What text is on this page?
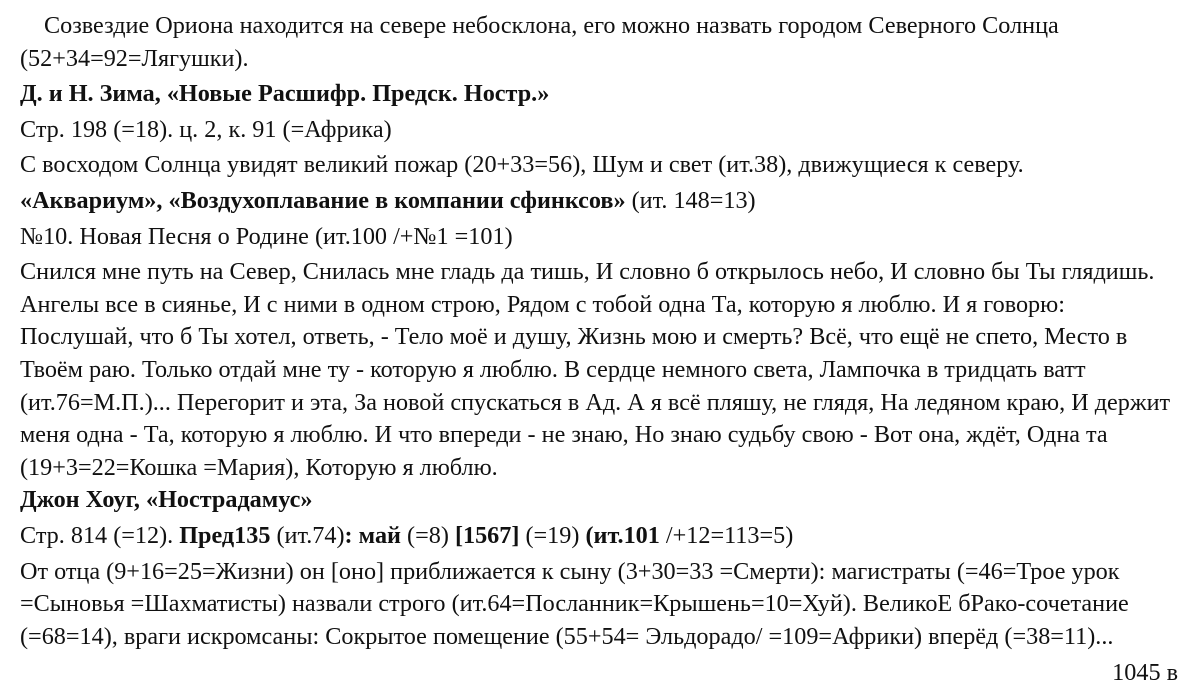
Созвездие Ориона находится на севере небосклона, его можно назвать городом Северного Солнца (52+34=92=Лягушки).

Д. и Н. Зима, «Новые Расшифр. Предск. Ностр.»

Стр. 198 (=18). ц. 2, к. 91 (=Африка)

С восходом Солнца увидят великий пожар (20+33=56), Шум и свет (ит.38), движущиеся к северу.

«Аквариум», «Воздухоплавание в компании сфинксов» (ит. 148=13)

№10. Новая Песня о Родине (ит.100 /+№1 =101)

Снился мне путь на Север, Снилась мне гладь да тишь, И словно б открылось небо, И словно бы Ты глядишь. Ангелы все в сиянье, И с ними в одном строю, Рядом с тобой одна Та, которую я люблю. И я говорю: Послушай, что б Ты хотел, ответь, - Тело моё и душу, Жизнь мою и смерть? Всё, что ещё не спето, Место в Твоём раю. Только отдай мне ту - которую я люблю. В сердце немного света, Лампочка в тридцать ватт (ит.76=М.П.)... Перегорит и эта, За новой спускаться в Ад. А я всё пляшу, не глядя, На ледяном краю, И держит меня одна - Та, которую я люблю. И что впереди - не знаю, Но знаю судьбу свою - Вот она, ждёт, Одна та (19+3=22=Кошка =Мария), Которую я люблю.

Джон Хоуг, «Нострадамус»

Стр. 814 (=12). Пред135 (ит.74): май (=8) [1567] (=19) (ит.101 /+12=113=5)

От отца (9+16=25=Жизни) он [оно] приближается к сыну (3+30=33 =Смерти): магистраты (=46=Трое урок =Сыновья =Шахматисты) назвали строго (ит.64=Посланник=Крышень=10=Хуй). ВеликоЕ бРако-сочетание (=68=14), враги искромсаны: Сокрытое помещение (55+54= Эльдорадо/ =109=Африки) вперёд (=38=11)...

1045 в
